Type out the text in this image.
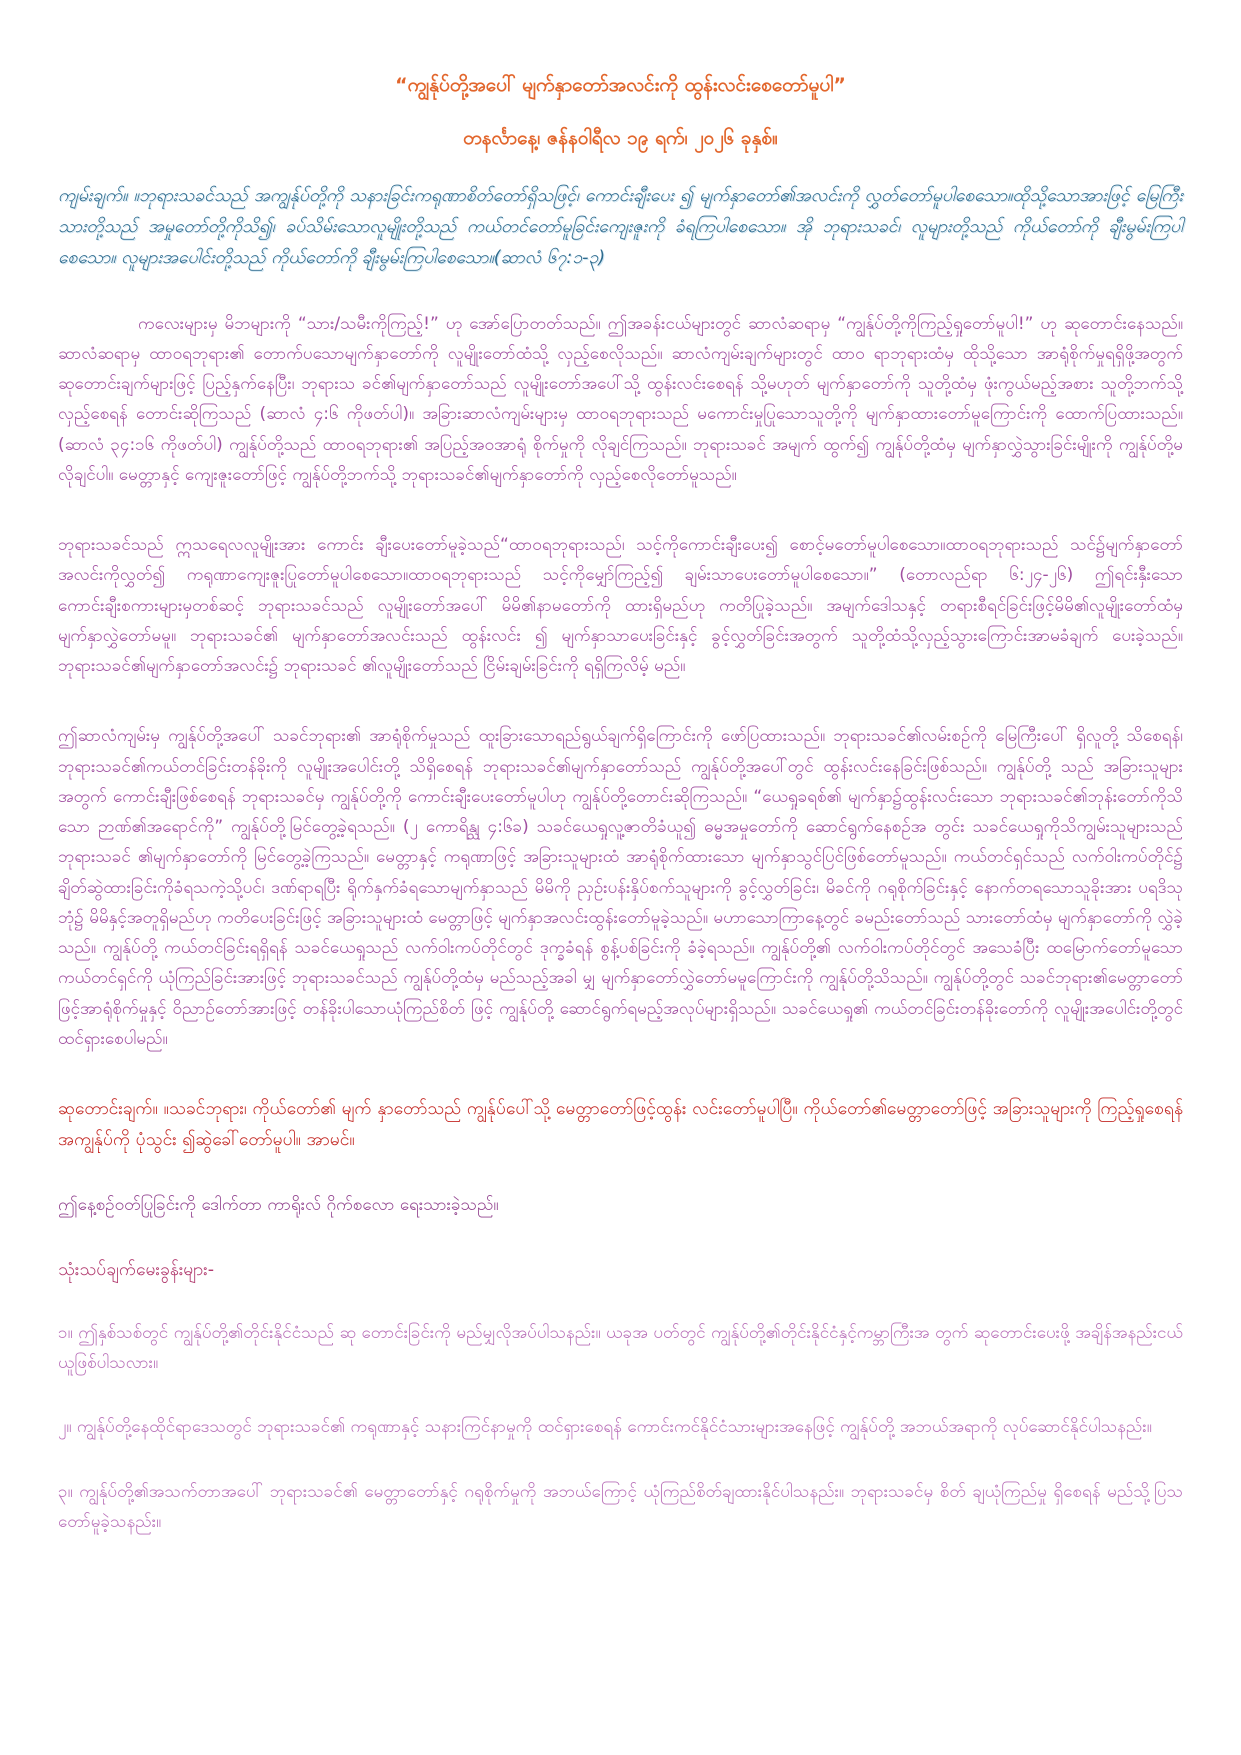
“ကျွန်ုပ်တို့အပေါ် မျက်နှာတော်အလင်းကို ထွန်းလင်းစေတော်မူပါ”
တနင်္လာနေ့၊ ဇန်နဝါရီလ ၁၉ ရက်၊ ၂၀၂၆ ခုနှစ်။

ကျမ်းချက်။ ။ဘုရားသခင်သည် အကျွန်ုပ်တို့ကို သနားခြင်းကရုဏာစိတ်တော်ရှိသဖြင့်၊ ကောင်းချီးပေး ၍ မျက်နှာတော်၏အလင်းကို လွှတ်တော်မူပါစေသော။ထိုသို့သောအားဖြင့် မြေကြီးသားတို့သည် အမှုတော်တို့ကိုသိ၍၊ ခပ်သိမ်းသောလူမျိုးတို့သည် ကယ်တင်တော်မူခြင်းကျေးဇူးကို ခံရကြပါစေသော။ အို ဘုရားသခင်၊ လူများတို့သည် ကိုယ်တော်ကို ချီးမွမ်းကြပါစေသော။ လူများအပေါင်းတို့သည် ကိုယ်တော်ကို ချီးမွမ်းကြပါစေသော။(ဆာလံ ၆၇:၁-၃)

ကလေးများမှ မိဘများကို “သား/သမီးကိုကြည့်!” ဟု အော်ပြောတတ်သည်။ ဤအခန်းငယ်များတွင် ဆာလံဆရာမှ “ကျွန်ုပ်တို့ကိုကြည့်ရှုတော်မူပါ!” ဟု ဆုတောင်းနေသည်။ ဆာလံဆရာမှ ထာဝရဘုရား၏ တောက်ပသောမျက်နှာတော်ကို လူမျိုးတော်ထံသို့ လှည့်စေလိုသည်။ ဆာလံကျမ်းချက်များတွင် ထာဝ ရာဘုရားထံမှ ထိုသို့သော အာရုံစိုက်မှုရရှိဖို့အတွက် ဆုတောင်းချက်များဖြင့် ပြည့်နှက်နေပြီး၊ ဘုရားသ ခင်၏မျက်နှာတော်သည် လူမျိုးတော်အပေါ်သို့ ထွန်းလင်းစေရန် သို့မဟုတ် မျက်နှာတော်ကို သူတို့ထံမှ ဖုံးကွယ်မည့်အစား သူတို့ဘက်သို့ လှည့်စေရန် တောင်းဆိုကြသည် (ဆာလံ ၄:၆ ကိုဖတ်ပါ)။ အခြားဆာလံကျမ်းများမှ ထာဝရဘုရားသည် မကောင်းမှုပြုသောသူတို့ကို မျက်နှာထားတော်မူကြောင်းကို ထောက်ပြထားသည်။ (ဆာလံ ၃၄:၁၆ ကိုဖတ်ပါ) ကျွန်ုပ်တို့သည် ထာဝရဘုရား၏ အပြည့်အဝအာရုံ စိုက်မှုကို လိုချင်ကြသည်။ ဘုရားသခင် အမျက် ထွက်၍ ကျွန်ုပ်တို့ထံမှ မျက်နှာလွှဲသွားခြင်းမျိုးကို ကျွန်ုပ်တို့မလိုချင်ပါ။ မေတ္တာနှင့် ကျေးဇူးတော်ဖြင့် ကျွန်ုပ်တို့ဘက်သို့ ဘုရားသခင်၏မျက်နှာတော်ကို လှည့်စေလိုတော်မူသည်။

ဘုရားသခင်သည် ဣသရေလလူမျိုးအား ကောင်း ချီးပေးတော်မူခဲ့သည်“ထာဝရဘုရားသည်၊ သင့်ကိုကောင်းချီးပေး၍ စောင့်မတော်မူပါစေသော။ထာဝရဘုရားသည် သင်၌မျက်နှာတော်အလင်းကိုလွှတ်၍ ကရုဏာကျေးဇူးပြုတော်မူပါစေသော။ထာဝရဘုရားသည် သင့်ကိုမျှော်ကြည့်၍ ချမ်းသာပေးတော်မူပါစေသော။” (တောလည်ရာ ၆:၂၄-၂၆) ဤရင်းနှီးသော ကောင်းချီးစကားများမှတစ်ဆင့် ဘုရားသခင်သည် လူမျိုးတော်အပေါ် မိမိ၏နာမတော်ကို ထားရှိမည်ဟု ကတိပြုခဲ့သည်။ အမျက်ဒေါသနှင့် တရားစီရင်ခြင်းဖြင့်မိမိ၏လူမျိုးတော်ထံမှ မျက်နှာလွှဲတော်မမူ။ ဘုရားသခင်၏ မျက်နှာတော်အလင်းသည် ထွန်းလင်း ၍ မျက်နှာသာပေးခြင်းနှင့် ခွင့်လွှတ်ခြင်းအတွက် သူတို့ထံသို့လှည့်သွားကြောင်းအာမခံချက် ပေးခဲ့သည်။ ဘုရားသခင်၏မျက်နှာတော်အလင်း၌ ဘုရားသခင် ၏လူမျိုးတော်သည် ငြိမ်းချမ်းခြင်းကို ရရှိကြလိမ့် မည်။

ဤဆာလံကျမ်းမှ ကျွန်ုပ်တို့အပေါ် သခင်ဘုရား၏ အာရုံစိုက်မှုသည် ထူးခြားသောရည်ရွယ်ချက်ရှိကြောင်းကို ဖော်ပြထားသည်။ ဘုရားသခင်၏လမ်းစဉ်ကို မြေကြီးပေါ် ရှိလူတို့ သိစေရန်၊ ဘုရားသခင်၏ကယ်တင်ခြင်းတန်ခိုးကို လူမျိုးအပေါင်းတို့ သိရှိစေရန် ဘုရားသခင်၏မျက်နှာတော်သည် ကျွန်ုပ်တို့အပေါ်တွင် ထွန်းလင်းနေခြင်းဖြစ်သည်။ ကျွန်ုပ်တို့ သည် အခြားသူများအတွက် ကောင်းချီးဖြစ်စေရန် ဘုရားသခင်မှ ကျွန်ုပ်တို့ကို ကောင်းချီးပေးတော်မူပါဟု ကျွန်ုပ်တို့တောင်းဆိုကြသည်။ “ယေရှုခရစ်၏ မျက်နှာ၌ထွန်းလင်းသော ဘုရားသခင်၏ဘုန်းတော်ကိုသိသော ဉာဏ်၏အရောင်ကို” ကျွန်ုပ်တို့မြင်တွေ့ခဲ့ရသည်။ (၂ ကောရိန္သု ၄:၆ခ) သခင်ယေရှုလူ့ဇာတိခံယူ၍ ဓမ္မအမှုတော်ကို ဆောင်ရွက်နေစဉ်အ တွင်း သခင်ယေရှုကိုသိကျွမ်းသူများသည် ဘုရားသခင် ၏မျက်နှာတော်ကို မြင်တွေ့ခဲ့ကြသည်။ မေတ္တာနှင့် ကရုဏာဖြင့် အခြားသူများထံ အာရုံစိုက်ထားသော မျက်နှာသွင်ပြင်ဖြစ်တော်မူသည်။ ကယ်တင်ရှင်သည် လက်ဝါးကပ်တိုင်၌ ချိတ်ဆွဲထားခြင်းကိုခံရသကဲ့သို့ပင်၊ ဒဏ်ရာရပြီး ရိုက်နှက်ခံရသောမျက်နှာသည် မိမိကို ညှဉ်းပန်းနှိပ်စက်သူများကို ခွင့်လွှတ်ခြင်း၊ မိခင်ကို ဂရုစိုက်ခြင်းနှင့် နောက်တရသောသူခိုးအား ပရဒိသုဘုံ၌ မိမိနှင့်အတူရှိမည်ဟု ကတိပေးခြင်းဖြင့် အခြားသူများထံ မေတ္တာဖြင့် မျက်နှာအလင်းထွန်းတော်မူခဲ့သည်။ မဟာသောကြာနေ့တွင် ခမည်းတော်သည် သားတော်ထံမှ မျက်နှာတော်ကို လွှဲခဲ့သည်။ ကျွန်ုပ်တို့ ကယ်တင်ခြင်းရရှိရန် သခင်ယေရှုသည် လက်ဝါးကပ်တိုင်တွင် ဒုက္ခခံရန် စွန့်ပစ်ခြင်းကို ခံခဲ့ရသည်။ ကျွန်ုပ်တို့၏ လက်ဝါးကပ်တိုင်တွင် အသေခံပြီး ထမြောက်တော်မူသော ကယ်တင်ရှင်ကို ယုံကြည်ခြင်းအားဖြင့် ဘုရားသခင်သည် ကျွန်ုပ်တို့ထံမှ မည်သည့်အခါ မျှ မျက်နှာတော်လွှဲတော်မမူကြောင်းကို ကျွန်ုပ်တို့သိသည်။ ကျွန်ုပ်တို့တွင် သခင်ဘုရား၏မေတ္တာတော်ဖြင့်အာရုံစိုက်မှုနှင့် ဝိညာဉ်တော်အားဖြင့် တန်ခိုးပါသောယုံကြည်စိတ် ဖြင့် ကျွန်ုပ်တို့ ဆောင်ရွက်ရမည့်အလုပ်များရှိသည်။ သခင်ယေရှု၏ ကယ်တင်ခြင်းတန်ခိုးတော်ကို လူမျိုးအပေါင်းတို့တွင် ထင်ရှားစေပါမည်။

ဆုတောင်းချက်။ ။သခင်ဘုရား၊ ကိုယ်တော်၏ မျက် နှာတော်သည် ကျွန်ုပ်ပေါ်သို့ မေတ္တာတော်ဖြင့်ထွန်း လင်းတော်မူပါပြီ။ ကိုယ်တော်၏မေတ္တာတော်ဖြင့် အခြားသူများကို ကြည့်ရှုစေရန် အကျွန်ုပ်ကို ပုံသွင်း ၍ဆွဲခေါ်တော်မူပါ။ အာမင်။

ဤနေ့စဉ်ဝတ်ပြုခြင်းကို ဒေါက်တာ ကာရိုးလ် ဂိုက်စလော ရေးသားခဲ့သည်။

သုံးသပ်ချက်မေးခွန်းများ-

၁။ ဤနှစ်သစ်တွင် ကျွန်ုပ်တို့၏တိုင်းနိုင်ငံသည် ဆု တောင်းခြင်းကို မည်မျှလိုအပ်ပါသနည်း။ ယခုအ ပတ်တွင် ကျွန်ုပ်တို့၏တိုင်းနိုင်ငံနှင့်ကမ္ဘာကြီးအ တွက် ဆုတောင်းပေးဖို့ အချိန်အနည်းငယ်ယူဖြစ်ပါသလား။

၂။ ကျွန်ုပ်တို့နေထိုင်ရာဒေသတွင် ဘုရားသခင်၏ ကရုဏာနှင့် သနားကြင်နာမှုကို ထင်ရှားစေရန် ကောင်းကင်နိုင်ငံသားများအနေဖြင့် ကျွန်ုပ်တို့ အဘယ်အရာကို လုပ်ဆောင်နိုင်ပါသနည်း။

၃။ ကျွန်ုပ်တို့၏အသက်တာအပေါ် ဘုရားသခင်၏ မေတ္တာတော်နှင့် ဂရုစိုက်မှုကို အဘယ်ကြောင့် ယုံကြည်စိတ်ချထားနိုင်ပါသနည်း။ ဘုရားသခင်မှ စိတ် ချယုံကြည်မှု ရှိစေရန် မည်သို့ပြသတော်မူခဲ့သနည်း။
